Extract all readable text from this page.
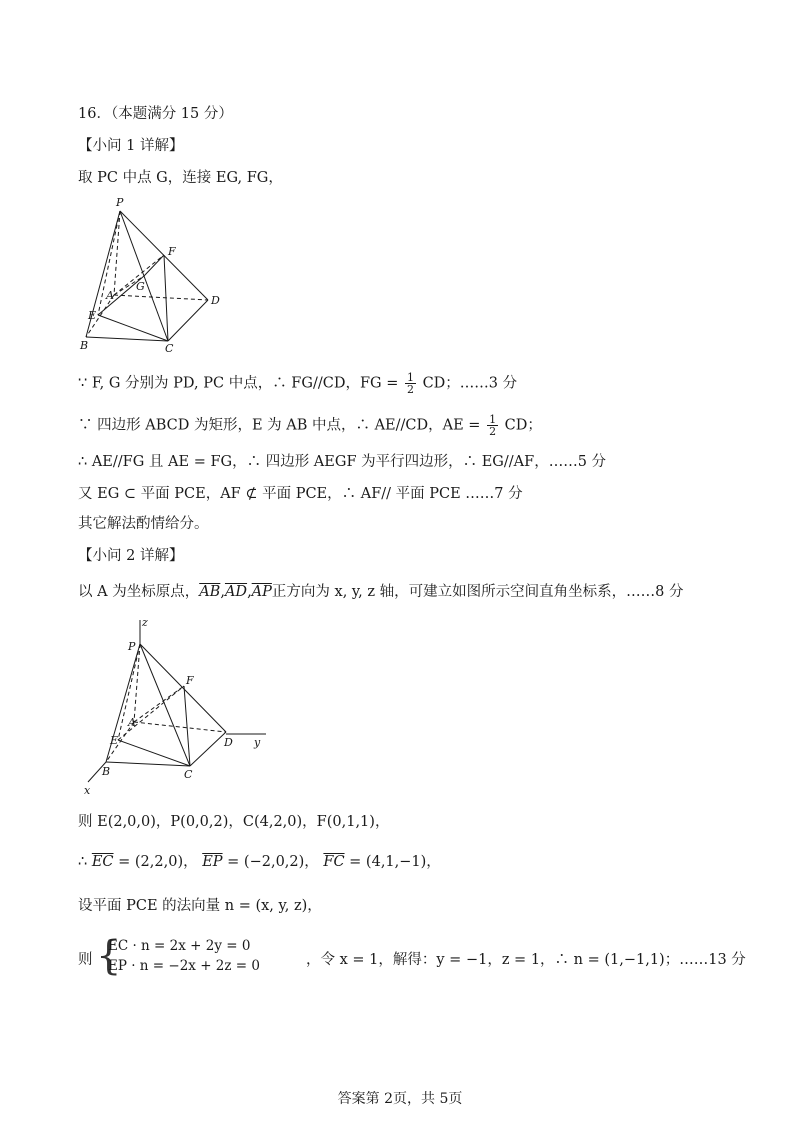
16．（本题满分 15 分）
【小问 1 详解】
取 PC 中点 G，连接 EG, FG，
P
F
A
G
D
E
B	C
∵ F, G 分别为 PD, PC 中点，∴ FG//CD，FG = $\frac{1}{2}$ CD；……3 分
∵ 四边形 ABCD 为矩形，E 为 AB 中点，∴ AE//CD，AE = $\frac{1}{2}$ CD；
∴ AE//FG 且 AE = FG，∴ 四边形 AEGF 为平行四边形，∴ EG//AF，……5 分
又 EG ⊂ 平面 PCE，AF ⊄ 平面 PCE，∴ AF// 平面 PCE ……7 分
其它解法酌情给分。
【小问 2 详解】
以 A 为坐标原点，$\overline{AB},\overline{AD},\overline{AP}$正方向为 x, y, z 轴，可建立如图所示空间直角坐标系，……8 分
z
P
F
A
E	D y
B	C
x
则 E(2,0,0)，P(0,0,2)，C(4,2,0)，F(0,1,1)，
∴ $\overline{EC} = (2,2,0)$， $\overline{EP} = (-2,0,2)$， $\overline{FC} = (4,1,-1)$，
设平面 PCE 的法向量 n = (x, y, z)，
则 {
EC · n = 2x + 2y = 0
EP · n = −2x + 2z = 0	，令 x = 1，解得：y = −1，z = 1，∴ n = (1,−1,1)；……13 分
答案第 2页，共 5页
